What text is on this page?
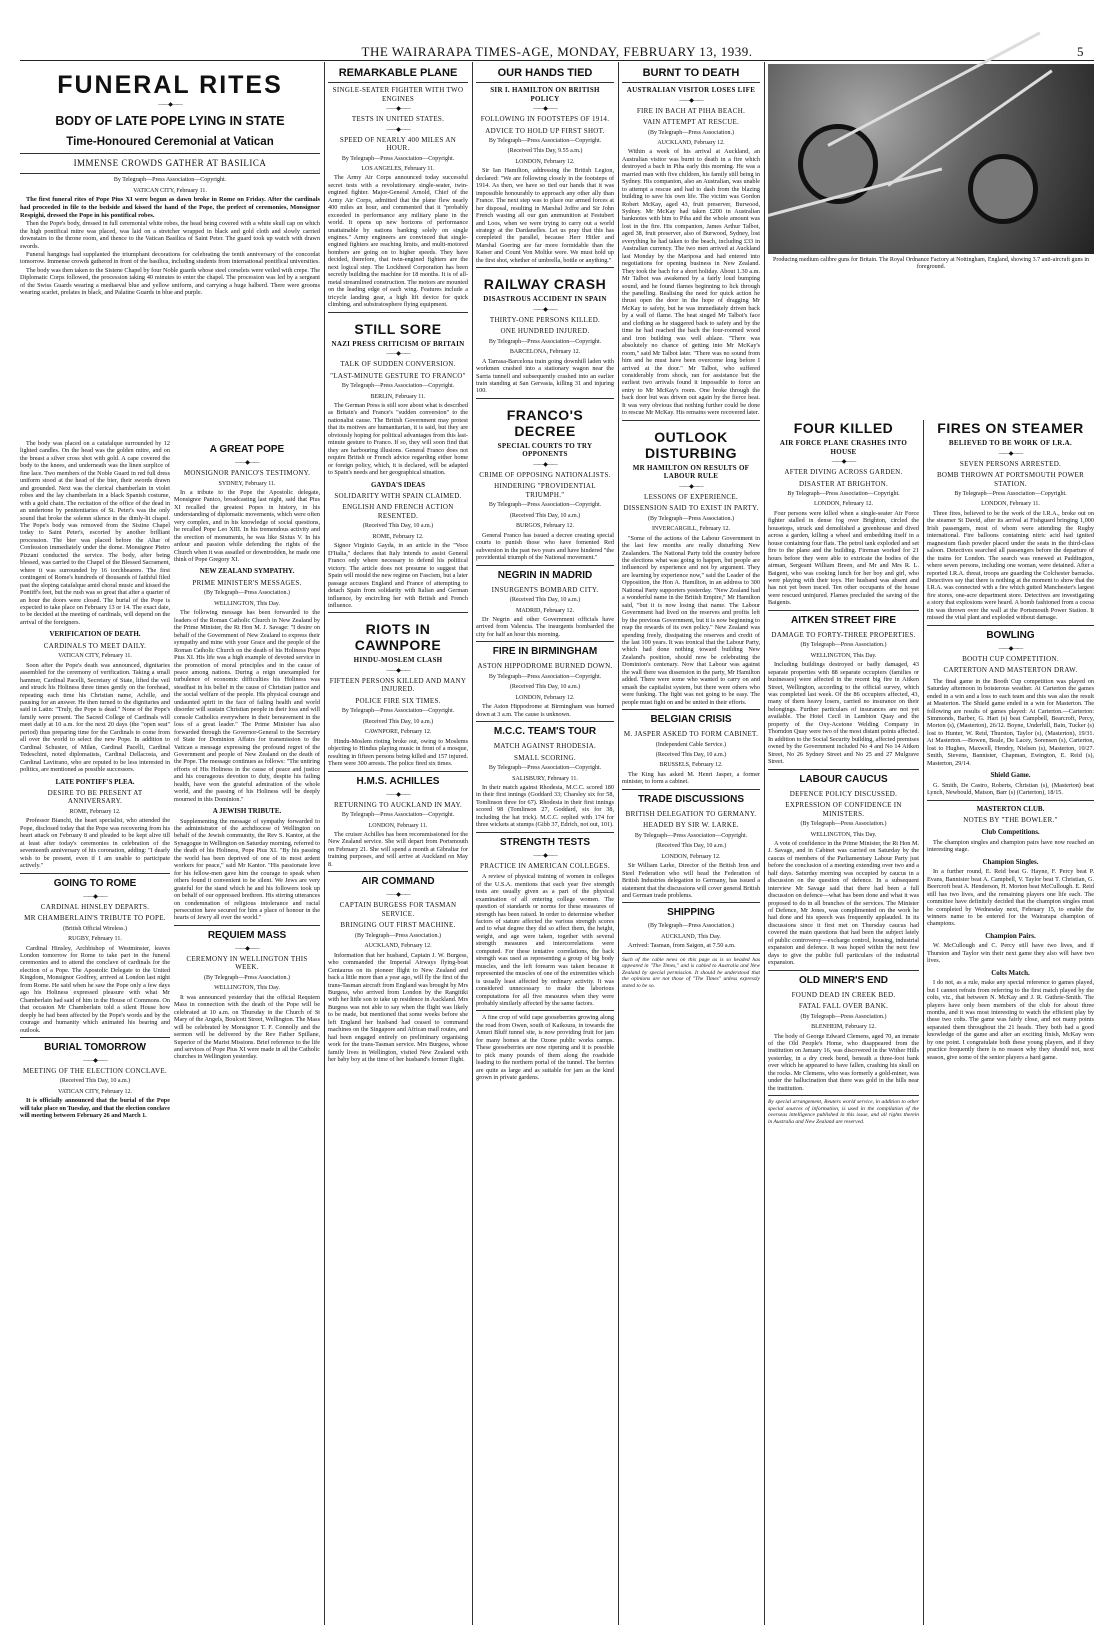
THE WAIRARAPA TIMES-AGE, MONDAY, FEBRUARY 13, 1939.	5
FUNERAL RITES
——◆——
BODY OF LATE POPE LYING IN STATE
Time-Honoured Ceremonial at Vatican
IMMENSE CROWDS GATHER AT BASILICA
By Telegraph—Press Association—Copyright.
VATICAN CITY, February 11.

The first funeral rites of Pope Pius XI were begun as dawn broke in Rome on Friday. After the cardinals had proceeded in file to the bedside and kissed the hand of the Pope, the prefect of ceremonies, Monsignor Respighi, dressed the Pope in his pontifical robes.

Then the Pope's body, dressed in full ceremonial white robes, the head being covered with a white skull cap on which the high pontifical mitre was placed, was laid on a stretcher wrapped in black and gold cloth and slowly carried downstairs to the throne room, and thence to the Vatican Basilica of Saint Peter. The guard took up watch with drawn swords.

Funeral hangings had supplanted the triumphant decorations for celebrating the tenth anniversary of the concordat tomorrow. Immense crowds gathered in front of the basilica, including students from international pontifical universities.

The body was then taken to the Sistene Chapel by four Noble guards whose steel corselets were veiled with crepe. The Diplomatic Corps followed, the procession taking 40 minutes to enter the chapel. The procession was led by a sergeant of the Swiss Guards wearing a mediaeval blue and yellow uniform, and carrying a huge halberd. There were grooms wearing scarlet, prelates in black, and Palatine Guards in blue and purple.

The body was placed on a catafalque surrounded by 12 lighted candles. On the head was the golden mitre, and on the breast a silver cross shot with gold. A cape covered the body to the knees, and underneath was the linen surplice of fine lace. Two members of the Noble Guard in red full dress uniform stood at the head of the bier, their swords drawn and grounded. Next was the clerical chamberlain in violet robes and the lay chamberlain in a black Spanish costume, with a gold chain. The recitation of the office of the dead in an undertone by penitentiaries of St. Peter's was the only sound that broke the solemn silence in the dimly-lit chapel. The Pope's body was removed from the Sistine Chapel today to Saint Peter's, escorted by another brilliant procession. The bier was placed before the Altar of Confession immediately under the dome. Monsignor Pietro Pizzani conducted the service. The body, after being blessed, was carried to the Chapel of the Blessed Sacrament, where it was surrounded by 16 torchbearers. The first contingent of Rome's hundreds of thousands of faithful filed past the sloping catafalque amid choral music and kissed the Pontiff's feet, but the rush was so great that after a quarter of an hour the doors were closed. The burial of the Pope is expected to take place on February 13 or 14. The exact date, to be decided at the meeting of cardinals, will depend on the arrival of the foreigners.

VERIFICATION OF DEATH.
CARDINALS TO MEET DAILY.
VATICAN CITY, February 11.

Soon after the Pope's death was announced, dignitaries assembled for the ceremony of verification. Taking a small hammer, Cardinal Pacelli, Secretary of State, lifted the veil and struck his Holiness three times gently on the forehead, repeating each time his Christian name, Achille, and pausing for an answer. He then turned to the dignitaries and said in Latin: "Truly, the Pope is dead." None of the Pope's family were present. The Sacred College of Cardinals will meet daily at 10 a.m. for the next 20 days (the "open seat" period) thus preparing time for the Cardinals to come from all over the world to select the new Pope. In addition to Cardinal Schuster, of Milan, Cardinal Pacelli, Cardinal Tedeschini, noted diplomatists, Cardinal Dellacosta, and Cardinal Lavitrano, who are reputed to be less interested in politics, are mentioned as possible successors.

LATE PONTIFF'S PLEA.
DESIRE TO BE PRESENT AT ANNIVERSARY.
ROME, February 12.

Professor Bianchi, the heart specialist, who attended the Pope, disclosed today that the Pope was recovering from his heart attack on February 8 and pleaded to be kept alive till at least after today's ceremonies in celebration of the seventeenth anniversary of his coronation, adding: "I dearly wish to be present, even if I am unable to participate actively."

GOING TO ROME
——◆——
CARDINAL HINSLEY DEPARTS.
MR CHAMBERLAIN'S TRIBUTE TO POPE.
(British Official Wireless.)
RUGBY, February 11.

Cardinal Hinsley, Archbishop of Westminster, leaves London tomorrow for Rome to take part in the funeral ceremonies and to attend the conclave of cardinals for the election of a Pope. The Apostolic Delegate to the United Kingdom, Monsignor Godfrey, arrived at London last night from Rome. He said when he saw the Pope only a few days ago his Holiness expressed pleasure with what Mr Chamberlain had said of him in the House of Commons. On that occasion Mr Chamberlain told a silent House how deeply he had been affected by the Pope's words and by the courage and humanity which animated his bearing and outlook.

BURIAL TOMORROW
——◆——
MEETING OF THE ELECTION CONCLAVE.
(Received This Day, 10 a.m.)
VATICAN CITY, February 12.

It is officially announced that the burial of the Pope will take place on Tuesday, and that the election conclave will meeting between February 26 and March 1.

A GREAT POPE
——◆——
MONSIGNOR PANICO'S TESTIMONY.
SYDNEY, February 11.

In a tribute to the Pope the Apostolic delegate, Monsignor Panico, broadcasting last night, said that Pius XI recalled the greatest Popes in history, in his understanding of diplomatic movements, which were often very complex, and in his knowledge of social questions, he recalled Pope Leo XIII. In his tremendous activity and the erection of monuments, he was like Sixtus V. In his ardour and passion while defending the rights of the Church when it was assailed or downtrodden, he made one think of Pope Gregory XI.

NEW ZEALAND SYMPATHY.
PRIME MINISTER'S MESSAGES.
(By Telegraph—Press Association.)
WELLINGTON, This Day.

The following message has been forwarded to the leaders of the Roman Catholic Church in New Zealand by the Prime Minister, the Rt Hon M. J. Savage: "I desire on behalf of the Government of New Zealand to express their sympathy and mine with your Grace and the people of the Roman Catholic Church on the death of his Holiness Pope Pius XI. His life was a high example of devoted service in the promotion of moral principles and in the cause of peace among nations. During a reign unexampled for turbulence of economic difficulties his Holiness was steadfast in his belief in the cause of Christian justice and the social welfare of the people. His physical courage and undaunted spirit in the face of failing health and world disorder will sustain Christian people in their loss and will console Catholics everywhere in their bereavement in the loss of a great leader." The Prime Minister has also forwarded through the Governor-General to the Secretary of State for Dominion Affairs for transmission to the Vatican a message expressing the profound regret of the Government and people of New Zealand on the death of the Pope. The message continues as follows: "The untiring efforts of His Holiness in the cause of peace and justice and his courageous devotion to duty, despite his failing health, have won the grateful admiration of the whole world, and the passing of his Holiness will be deeply mourned in this Dominion."

A JEWISH TRIBUTE.

Supplementing the message of sympathy forwarded to the administrator of the archdiocese of Wellington on behalf of the Jewish community, the Rev S. Kantor, at the Synagogue in Wellington on Saturday morning, referred to the death of his Holiness, Pope Pius XI. "By his passing the world has been deprived of one of its most ardent workers for peace," said Mr Kantor. "His passionate love for his fellow-men gave him the courage to speak when others found it convenient to be silent. We Jews are very grateful for the stand which he and his followers took up on behalf of our oppressed brethren. His stirring utterances on condemnation of religious intolerance and racial persecution have secured for him a place of honour in the hearts of Jewry all over the world."

REQUIEM MASS
——◆——
CEREMONY IN WELLINGTON THIS WEEK.
(By Telegraph—Press Association.)
WELLINGTON, This Day.

It was announced yesterday that the official Requiem Mass in connection with the death of the Pope will be celebrated at 10 a.m. on Thursday in the Church of St Mary of the Angels, Boulcott Street, Wellington. The Mass will be celebrated by Monsignor T. F. Connolly and the sermon will be delivered by the Rev Father Spillane, Superior of the Marist Missions. Brief reference to the life and services of Pope Pius XI were made in all the Catholic churches in Wellington yesterday.

REMARKABLE PLANE
SINGLE-SEATER FIGHTER WITH TWO ENGINES
——◆——
TESTS IN UNITED STATES.
——◆——
SPEED OF NEARLY 400 MILES AN HOUR.
By Telegraph—Press Association—Copyright.
LOS ANGELES, February 11.

The Army Air Corps announced today successful secret tests with a revolutionary single-seater, twin-engined fighter. Major-General Arnold, Chief of the Army Air Corps, admitted that the plane flew nearly 400 miles an hour, and commented that it "probably exceeded in performance any military plane in the world. It opens up new horizons of performance unattainable by nations banking solely on single engines." Army engineers are convinced that single-engined fighters are reaching limits, and multi-motored bombers are going on to higher speeds. They have decided, therefore, that twin-engined fighters are the next logical step. The Lockheed Corporation has been secretly building the machine for 18 months. It is of all-metal streamlined construction. The motors are mounted on the leading edge of each wing. Features include a tricycle landing gear, a high lift device for quick climbing, and substratosphere flying equipment.

STILL SORE
NAZI PRESS CRITICISM OF BRITAIN
——◆——
TALK OF SUDDEN CONVERSION.
"LAST-MINUTE GESTURE TO FRANCO"
By Telegraph—Press Association—Copyright.
BERLIN, February 11.

The German Press is still sore about what is described as Britain's and France's "sudden conversion" to the nationalist cause. The British Government may protest that its motives are humanitarian, it is said, but they are obviously hoping for political advantages from this last-minute gesture to Franco. If so, they will soon find that they are harbouring illusions. General Franco does not require British or French advice regarding either home or foreign policy, which, it is declared, will be adapted to Spain's needs and her geographical situation.

GAYDA'S IDEAS
SOLIDARITY WITH SPAIN CLAIMED.
ENGLISH AND FRENCH ACTION RESENTED.
(Received This Day, 10 a.m.)
ROME, February 12.

Signor Virginio Gayda, in an article in the "Voce D'Italia," declares that Italy intends to assist General Franco only where necessary to defend his political victory. The article does not presume to suggest that Spain will mould the new regime on Fascism, but a later passage accuses England and France of attempting to detach Spain from solidarity with Italian and German influence, by encircling her with British and French influence.

RIOTS IN CAWNPORE
HINDU-MOSLEM CLASH
——◆——
FIFTEEN PERSONS KILLED AND MANY INJURED.
POLICE FIRE SIX TIMES.
By Telegraph—Press Association—Copyright.
(Received This Day, 10 a.m.)
CAWNPORE, February 12.

Hindu-Moslem rioting broke out, owing to Moslems objecting to Hindus playing music in front of a mosque, resulting in fifteen persons being killed and 157 injured. There were 300 arrests. The police fired six times.

H.M.S. ACHILLES
——◆——
RETURNING TO AUCKLAND IN MAY.
By Telegraph—Press Association—Copyright.
LONDON, February 11.

The cruiser Achilles has been recommissioned for the New Zealand service. She will depart from Portsmouth on February 21. She will spend a month at Gibraltar for training purposes, and will arrive at Auckland on May 8.

AIR COMMAND
——◆——
CAPTAIN BURGESS FOR TASMAN SERVICE.
BRINGING OUT FIRST MACHINE.
(By Telegraph—Press Association.)
AUCKLAND, February 12.

Information that her husband, Captain J. W. Burgess, who commanded the Imperial Airways flying-boat Centaurus on its pioneer flight to New Zealand and back a little more than a year ago, will fly the first of the trans-Tasman aircraft from England was brought by Mrs Burgess, who arrived from London by the Rangitiki with her little son to take up residence in Auckland. Mrs Burgess was not able to say when the flight was likely to be made, but mentioned that some weeks before she left England her husband had ceased to command machines on the Singapore and African mail routes, and had been engaged entirely on preliminary organising work for the trans-Tasman service. Mrs Burgess, whose family lives in Wellington, visited New Zealand with her baby boy at the time of her husband's former flight.

OUR HANDS TIED
SIR I. HAMILTON ON BRITISH POLICY
——◆——
FOLLOWING IN FOOTSTEPS OF 1914.
ADVICE TO HOLD UP FIRST SHOT.
By Telegraph—Press Association—Copyright.
(Received This Day, 9.55 a.m.)
LONDON, February 12.

Sir Ian Hamilton, addressing the British Legion, declared: "We are following closely in the footsteps of 1914. As then, we have so tied our hands that it was impossible honourably to approach any other ally than France. The next step was to place our armed forces at her disposal, resulting in Marshal Joffre and Sir John French wasting all our gun ammunition at Festubert and Loos, when we were trying to carry out a world strategy at the Dardanelles. Let us pray that this has completed the parallel, because Herr Hitler and Marshal Goering are far more formidable than the Kaiser and Count Von Moltke were. We must hold up the first shot, whether of umbrella, bottle or anything."

RAILWAY CRASH
DISASTROUS ACCIDENT IN SPAIN
——◆——
THIRTY-ONE PERSONS KILLED.
ONE HUNDRED INJURED.
By Telegraph—Press Association—Copyright.
BARCELONA, February 12.

A Tarrasa-Barcelona train going downhill laden with workmen crashed into a stationary wagon near the Sarria tunnell and subsequently crashed into an earlier train standing at San Gervasia, killing 31 and injuring 100.

FRANCO'S DECREE
SPECIAL COURTS TO TRY OPPONENTS
——◆——
CRIME OF OPPOSING NATIONALISTS.
HINDERING "PROVIDENTIAL TRIUMPH."
By Telegraph—Press Association—Copyright.
(Received This Day, 10 a.m.)
BURGOS, February 12.

General Franco has issued a decree creating special courts to punish those who have fomented Red subversion in the past two years and have hindered "the providential triumph of the National movement."

NEGRIN IN MADRID
INSURGENTS BOMBARD CITY.
(Received This Day, 10 a.m.)
MADRID, February 12.

Dr Negrin and other Government officials have arrived from Valencia. The insurgents bombarded the city for half an hour this morning.

FIRE IN BIRMINGHAM
ASTON HIPPODROME BURNED DOWN.
By Telegraph—Press Association—Copyright.
(Received This Day, 10 a.m.)
LONDON, February 12.

The Aston Hippodrome at Birmingham was burned down at 3 a.m. The cause is unknown.

M.C.C. TEAM'S TOUR
MATCH AGAINST RHODESIA.
SMALL SCORING.
By Telegraph—Press Association—Copyright.
SALISBURY, February 11.

In their match against Rhodesia, M.C.C. scored 180 in their first innings (Goddard 33; Charsley six for 58, Tomlinson three for 67). Rhodesia in their first innings scored 98 (Tomlinson 27, Goddard, six for 38, including the hat trick). M.C.C. replied with 174 for three wickets at stumps (Gibb 37, Edrich, not out, 101).

STRENGTH TESTS
——◆——
PRACTICE IN AMERICAN COLLEGES.

A review of physical training of women in colleges of the U.S.A. mentions that each year five strength tests are usually given as a part of the physical examination of all entering college women. The question of standards or norms for these measures of strength has been raised. In order to determine whether factors of stature affected the various strength scores and to what degree they did so affect them, the height, weight, and age were taken, together with several strength measures and intercorrelations were computed. For these tentative correlations, the back strength was used as representing a group of big body muscles, and the left forearm was taken because it represented the muscles of one of the extremities which is usually least affected by ordinary activity. It was considered unnecessary to make the laborious computations for all five measures when they were probably similarly affected by the same factors.

A fine crop of wild cape gooseberries growing along the road from Owen, south of Kaikoura, in towards the Amuri Bluff tunnel site, is now providing fruit for jam for many homes at the Ozone public works camps. These gooseberries are now ripening and it is possible to pick many pounds of them along the roadside leading to the northern portal of the tunnel. The berries are quite as large and as suitable for jam as the kind grown in private gardens.

BURNT TO DEATH
AUSTRALIAN VISITOR LOSES LIFE
——◆——
FIRE IN BACH AT PIHA BEACH.
VAIN ATTEMPT AT RESCUE.
(By Telegraph—Press Association.)
AUCKLAND, February 12.

Within a week of his arrival at Auckland, an Australian visitor was burnt to death in a fire which destroyed a bach in Piha early this morning. He was a married man with five children, his family still being in Sydney. His companion, also an Australian, was unable to attempt a rescue and had to dash from the blazing building to save his own life. The victim was Gordon Robert McKay, aged 43, fruit preserver, Burwood, Sydney. Mr McKay had taken £200 in Australian banknotes with him to Piha and the whole amount was lost in the fire. His companion, James Arthur Talbot, aged 38, fruit preserver, also of Burwood, Sydney, lost everything he had taken to the beach, including £33 in Australian currency. The two men arrived at Auckland last Monday by the Mariposa and had entered into negotiations for opening business in New Zealand. They took the bach for a short holiday. About 1.30 a.m. Mr Talbot was awakened by a fairly loud bumping sound, and he found flames beginning to lick through the panelling. Realising the need for quick action he thrust open the door in the hope of dragging Mr McKay to safety, but he was immediately driven back by a wall of flame. The heat singed Mr Talbot's face and clothing as he staggered back to safety and by the time he had reached the bach the four-roomed wood and iron building was well ablaze. "There was absolutely no chance of getting into Mr McKay's room," said Mr Talbot later. "There was no sound from him and he must have been overcome long before I arrived at the door." Mr Talbot, who suffered considerably from shock, ran for assistance but the earliest two arrivals found it impossible to force an entry to Mr McKay's room. One broke through the back door but was driven out again by the fierce heat. It was very obvious that nothing further could be done to rescue Mr McKay. His remains were recovered later.

OUTLOOK DISTURBING
MR HAMILTON ON RESULTS OF LABOUR RULE
——◆——
LESSONS OF EXPERIENCE.
DISSENSION SAID TO EXIST IN PARTY.
(By Telegraph—Press Association.)
INVERCARGILL, February 12.

"Some of the actions of the Labour Government in the last few months are really disturbing New Zealanders. The National Party told the country before the elections what was going to happen, but people are influenced by experience and not by argument. They are learning by experience now," said the Leader of the Opposition, the Hon A. Hamilton, in an address to 300 National Party supporters yesterday. "New Zealand had a wonderful name in the British Empire," Mr Hamilton said, "but it is now losing that name. The Labour Government had lived on the reserves and profits left by the previous Government, but it is now beginning to reap the rewards of its own policy." New Zealand was spending freely, dissipating the reserves and credit of the last 100 years. It was ironical that the Labour Party, which had done nothing toward building New Zealand's position, should now be celebrating the Dominion's centenary. Now that Labour was against the wall there was dissension in the party, Mr Hamilton added. There were some who wanted to carry on and smash the capitalist system, but there were others who were funking. The fight was not going to be easy. The people must fight on and be united in their efforts.

BELGIAN CRISIS
M. JASPER ASKED TO FORM CABINET.
(Independent Cable Service.)
(Received This Day, 10 a.m.)
BRUSSELS, February 12.

The King has asked M. Henri Jasper, a former minister, to form a cabinet.

TRADE DISCUSSIONS
BRITISH DELEGATION TO GERMANY.
HEADED BY SIR W. LARKE.
By Telegraph—Press Association—Copyright.
(Received This Day, 10 a.m.)
LONDON, February 12.

Sir William Larke, Director of the British Iron and Steel Federation who will head the Federation of British Industries delegation to Germany, has issued a statement that the discussions will cover general British and German trade problems.

SHIPPING
(By Telegraph—Press Association.)
AUCKLAND, This Day.

Arrived: Tasman, from Saigon, at 7.50 a.m.

Such of the cable news on this page as is so headed has appeared in "The Times," and is cabled to Australia and New Zealand by special permission. It should be understood that the opinions are not those of "The Times" unless expressly stated to be so.
Producing medium calibre guns for Britain. The Royal Ordnance Factory at Nottingham, England, showing 3.7 anti-aircraft guns in foreground.
FOUR KILLED
AIR FORCE PLANE CRASHES INTO HOUSE
——◆——
AFTER DIVING ACROSS GARDEN.
DISASTER AT BRIGHTON.
By Telegraph—Press Association—Copyright.
LONDON, February 12.

Four persons were killed when a single-seater Air Force fighter stalled in dense fog over Brighton, circled the housetops, struck and demolished a greenhouse and dived across a garden, killing a wheel and embedding itself in a house containing four flats. The petrol tank exploded and set fire to the plane and the building. Fireman worked for 21 hours before they were able to extricate the bodies of the airman, Sergeant William Breen, and Mr and Mrs R. L. Baigent, who was cooking lunch for her boy and girl, who were playing with their toys. Her husband was absent and has not yet been traced. Ten other occupants of the house were rescued uninjured. Flames precluded the saving of the Baigents.

AITKEN STREET FIRE
DAMAGE TO FORTY-THREE PROPERTIES.
(By Telegraph—Press Association.)
WELLINGTON, This Day.

Including buildings destroyed or badly damaged, 43 separate properties with 88 separate occupiers (families or businesses) were affected in the recent big fire in Aitken Street, Wellington, according to the official survey, which was completed last week. Of the 86 occupiers affected, 43, many of them heavy losers, carried no insurance on their belongings. Further particulars of insurances are not yet available. The Hotel Cecil in Lambton Quay and the property of the Oxy-Acetone Welding Company in Thorndon Quay were two of the most distant points affected. In addition to the Social Security building, affected premises owned by the Government included No 4 and No 14 Aitken Street, No 26 Sydney Street and No 25 and 27 Mulgrave Street.

LABOUR CAUCUS
DEFENCE POLICY DISCUSSED.
EXPRESSION OF CONFIDENCE IN MINISTERS.
(By Telegraph—Press Association.)
WELLINGTON, This Day.

A vote of confidence in the Prime Minister, the Rt Hon M. J. Savage, and in Cabinet was carried on Saturday by the caucus of members of the Parliamentary Labour Party just before the conclusion of a meeting extending over two and a half days. Saturday morning was occupied by caucus in a discussion on the question of defence. In a subsequent interview Mr Savage said that there had been a full discussion on defence—what has been done and what it was proposed to do in all branches of the services. The Minister of Defence, Mr Jones, was complimented on the work he had done and his speech was frequently applauded. In its discussions since it first met on Thursday caucus had covered the main questions that had been the subject lately of public controversy—excharge control, housing, industrial expansion and defence. It was hoped within the next few days to give the public full particulars of the industrial expansion.

OLD MINER'S END
FOUND DEAD IN CREEK BED.
FATAL FALL OVER BANK.
(By Telegraph—Press Association.)
BLENHEIM, February 12.

The body of George Edward Clemens, aged 70, an inmate of the Old People's Home, who disappeared from the institution on January 16, was discovered in the Wither Hills yesterday, in a dry creek bend, beneath a three-foot bank over which he appeared to have fallen, crashing his skull on the rocks. Mr Clemens, who was formerly a gold-miner, was under the hallucination that there was gold in the hills near the institution.

By special arrangement, Reuters world service, in addition to other special sources of information, is used in the compilation of the overseas intelligence published in this issue, and all rights therein in Australia and New Zealand are reserved.
FIRES ON STEAMER
BELIEVED TO BE WORK OF I.R.A.
——◆——
SEVEN PERSONS ARRESTED.
BOMB THROWN AT PORTSMOUTH POWER STATION.
By Telegraph—Press Association—Copyright.
LONDON, February 11.

Three fires, believed to be the work of the I.R.A., broke out on the steamer St David, after its arrival at Fishguard bringing 1,000 Irish passengers, most of whom were attending the Rugby international. Fire balloons containing nitric acid had ignited magnesium flash powder placed under the seats in the third-class saloon. Detectives searched all passengers before the departure of the trains for London. The search was renewed at Paddington, where seven persons, including one woman, were detained. After a reported I.R.A. threat, troops are guarding the Colchester barracks. Detectives say that there is nothing at the moment to show that the I.R.A. was connected with a fire which gutted Manchester's largest fire stores, one-acre department store. Detectives are investigating a story that explosions were heard. A bomb fashioned from a cocoa tin was thrown over the wall at the Portsmouth Power Station. It missed the vital plant and exploded without damage.

BOWLING
——◆——
BOOTH CUP COMPETITION.
CARTERTON AND MASTERTON DRAW.

The final game in the Booth Cup competition was played on Saturday afternoon in boisterous weather. At Carterton the games ended in a win and a loss to each team and this was also the result at Masterton. The Shield game ended in a win for Masterton. The following are results of games played: At Carterton.—Carterton: Simmonds, Barber, G. Hart (s) beat Campbell, Bearcroft, Percy, Morton (s), (Masterton), 26/12. Boyne, Underhill, Bain, Tucker (s) lost to Hunter, W. Reid, Thurston, Taylor (s), (Masterton), 19/31. At Masterton.—Bowen, Beale, De Lacey, Sorensen (s), Carterton, lost to Hughes, Maxwell, Hendry, Nielsen (s), Masterton, 10/27. Smith, Stevens, Bannister, Chapman, Ewington, E. Reid (s), Masterton, 29/14.

Shield Game.

G. Smith, De Castro, Roberts, Christian (s), (Masterton) beat Lynch, Newbould, Matson, Barr (s) (Carterton), 18/15.

MASTERTON CLUB.
NOTES BY "THE BOWLER."
Club Competitions.

The champion singles and champion pairs have now reached an interesting stage.

Champion Singles.

In a further round, E. Reid beat G. Hayne, F. Percy beat P. Evans, Bannister beat A. Campbell, V. Taylor beat T. Christian, G. Beercroft beat A. Henderson, H. Morton beat McCullough. E. Reid still has two lives, and the remaining players one life each. The committee have definitely decided that the champion singles must be completed by Wednesday next, February 15, to enable the winners name to be entered for the Wairarapa champion of champions.

Champion Pairs.

W. McCullough and C. Percy still have two lives, and if Thurston and Taylor win their next game they also will have two lives.

Colts Match.

I do not, as a rule, make any special reference to games played, but I cannot refrain from referring to the first match played by the colts, viz., that between N. McKay and J. R. Guthrie-Smith. The players have only been members of the club for about three months, and it was most interesting to watch the efficient play by these two colts. The game was fairly close, and not many points separated them throughout the 21 heads. They both had a good knowledge of the game and after an exciting finish, McKay won by one point. I congratulate both these young players, and if they practice frequently there is no reason why they should not, next season, give some of the senior players a hard game.
